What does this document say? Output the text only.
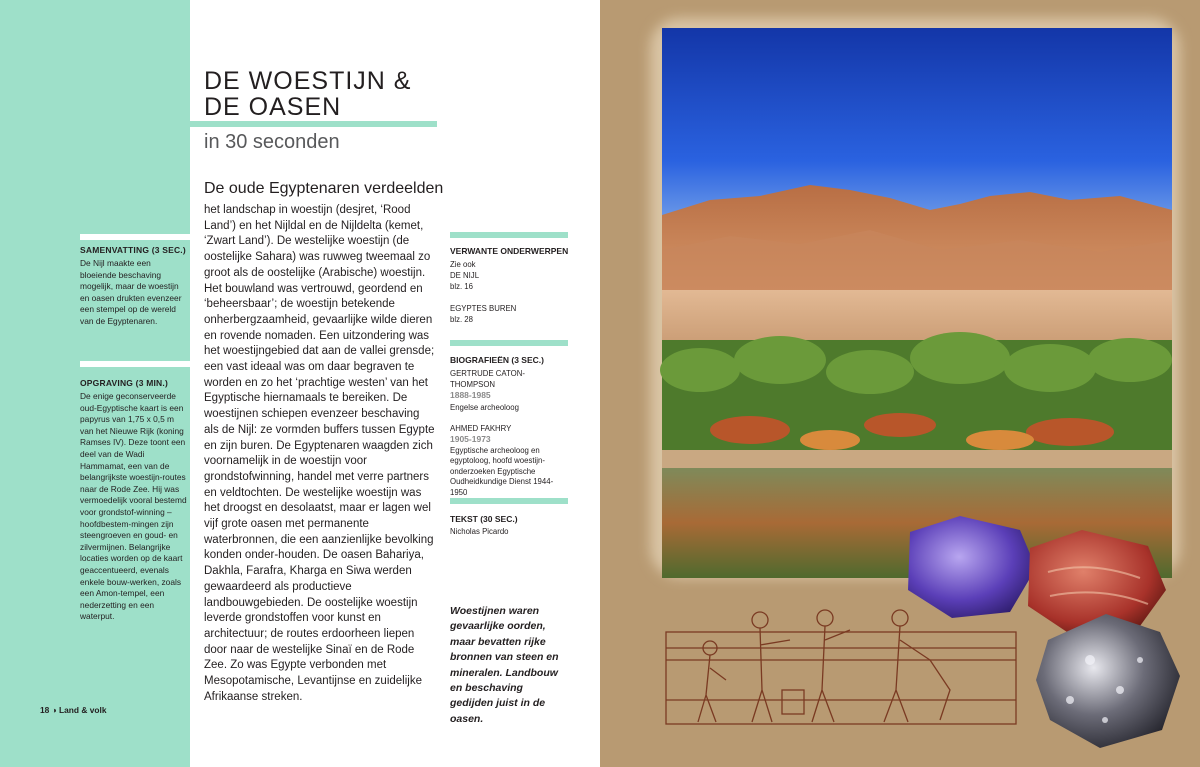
SAMENVATTING (3 SEC.)

De Nijl maakte een bloeiende beschaving mogelijk, maar de woestijn en oasen drukten evenzeer een stempel op de wereld van de Egyptenaren.

OPGRAVING (3 MIN.)

De enige geconserveerde oud-Egyptische kaart is een papyrus van 1,75 x 0,5 m van het Nieuwe Rijk (koning Ramses IV). Deze toont een deel van de Wadi Hammamat, een van de belangrijkste woestijn-routes naar de Rode Zee. Hij was vermoedelijk vooral bestemd voor grondstof-winning – hoofdbestem-mingen zijn steengroeven en goud- en zilvermijnen. Belangrijke locaties worden op de kaart geaccentueerd, evenals enkele bouw-werken, zoals een Amon-tempel, een nederzetting en een waterput.

18 ◑ Land & volk
DE WOESTIJN &
DE OASEN
in 30 seconden

De oude Egyptenaren verdeelden

het landschap in woestijn (desjret, ‘Rood Land’) en het Nijldal en de Nijldelta (kemet, ‘Zwart Land’). De westelijke woestijn (de oostelijke Sahara) was ruwweg tweemaal zo groot als de oostelijke (Arabische) woestijn. Het bouwland was vertrouwd, geordend en ‘beheersbaar’; de woestijn betekende onherbergzaamheid, gevaarlijke wilde dieren en rovende nomaden. Een uitzondering was het woestijngebied dat aan de vallei grensde; een vast ideaal was om daar begraven te worden en zo het ‘prachtige westen’ van het Egyptische hiernamaals te bereiken. De woestijnen schiepen evenzeer beschaving als de Nijl: ze vormden buffers tussen Egypte en zijn buren. De Egyptenaren waagden zich voornamelijk in de woestijn voor grondstofwinning, handel met verre partners en veldtochten. De westelijke woestijn was het droogst en desolaatst, maar er lagen wel vijf grote oasen met permanente waterbronnen, die een aanzienlijke bevolking konden onder-houden. De oasen Bahariya, Dakhla, Farafra, Kharga en Siwa werden gewaardeerd als productieve landbouwgebieden. De oostelijke woestijn leverde grondstoffen voor kunst en architectuur; de routes erdoorheen liepen door naar de westelijke Sinaï en de Rode Zee. Zo was Egypte verbonden met Mesopotamische, Levantijnse en zuidelijke Afrikaanse streken.

VERWANTE ONDERWERPEN

Zie ook

DE NIJL

blz. 16

EGYPTES BUREN

blz. 28

BIOGRAFIEËN (3 SEC.)

GERTRUDE CATON-

THOMPSON

1888-1985

Engelse archeoloog

AHMED FAKHRY

1905-1973

Egyptische archeoloog en egyptoloog, hoofd woestijn-onderzoeken Egyptische Oudheidkundige Dienst 1944-1950

TEKST (30 SEC.)

Nicholas Picardo

Woestijnen waren gevaarlijke oorden, maar bevatten rijke bronnen van steen en mineralen. Landbouw en beschaving gedijden juist in de oasen.
